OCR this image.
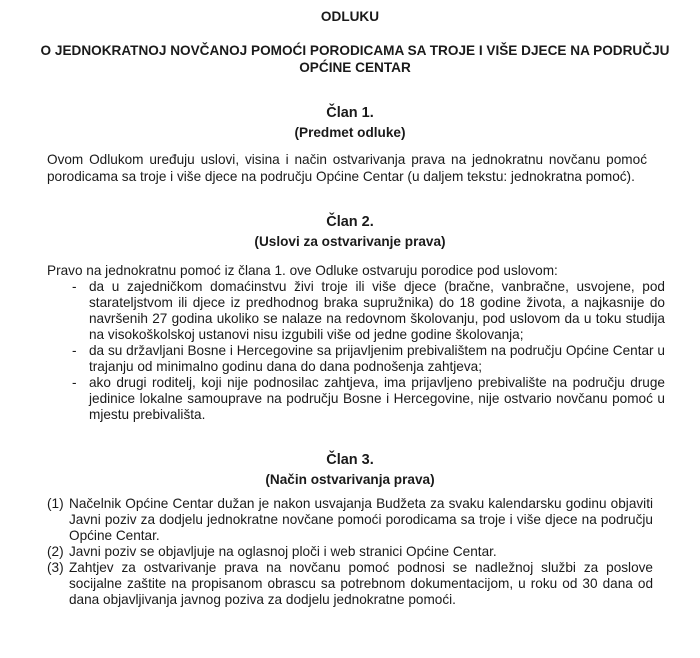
ODLUKU
O JEDNOKRATNOJ NOVČANOJ POMOĆI PORODICAMA SA TROJE I VIŠE DJECE NA PODRUČJU OPĆINE CENTAR
Član 1.
(Predmet odluke)

Ovom Odlukom uređuju uslovi, visina i način ostvarivanja prava na jednokratnu novčanu pomoć porodicama sa troje i više djece na području Općine Centar (u daljem tekstu: jednokratna pomoć).

Član 2.
(Uslovi za ostvarivanje prava)

Pravo na jednokratnu pomoć iz člana 1. ove Odluke ostvaruju porodice pod uslovom:

- da u zajedničkom domaćinstvu živi troje ili više djece (bračne, vanbračne, usvojene, pod starateljstvom ili djece iz predhodnog braka supružnika) do 18 godine života, a najkasnije do navršenih 27 godina ukoliko se nalaze na redovnom školovanju, pod uslovom da u toku studija na visokoškolskoj ustanovi nisu izgubili više od jedne godine školovanja;
- da su državljani Bosne i Hercegovine sa prijavljenim prebivalištem na području Općine Centar u trajanju od minimalno godinu dana do dana podnošenja zahtjeva;
- ako drugi roditelj, koji nije podnosilac zahtjeva, ima prijavljeno prebivalište na području druge jedinice lokalne samouprave na području Bosne i Hercegovine, nije ostvario novčanu pomoć u mjestu prebivališta.
Član 3.
(Način ostvarivanja prava)
(1) Načelnik Općine Centar dužan je nakon usvajanja Budžeta za svaku kalendarsku godinu objaviti Javni poziv za dodjelu jednokratne novčane pomoći porodicama sa troje i više djece na području Općine Centar.
(2) Javni poziv se objavljuje na oglasnoj ploči i web stranici Općine Centar.
(3) Zahtjev za ostvarivanje prava na novčanu pomoć podnosi se nadležnoj službi za poslove socijalne zaštite na propisanom obrascu sa potrebnom dokumentacijom, u roku od 30 dana od dana objavljivanja javnog poziva za dodjelu jednokratne pomoći.
